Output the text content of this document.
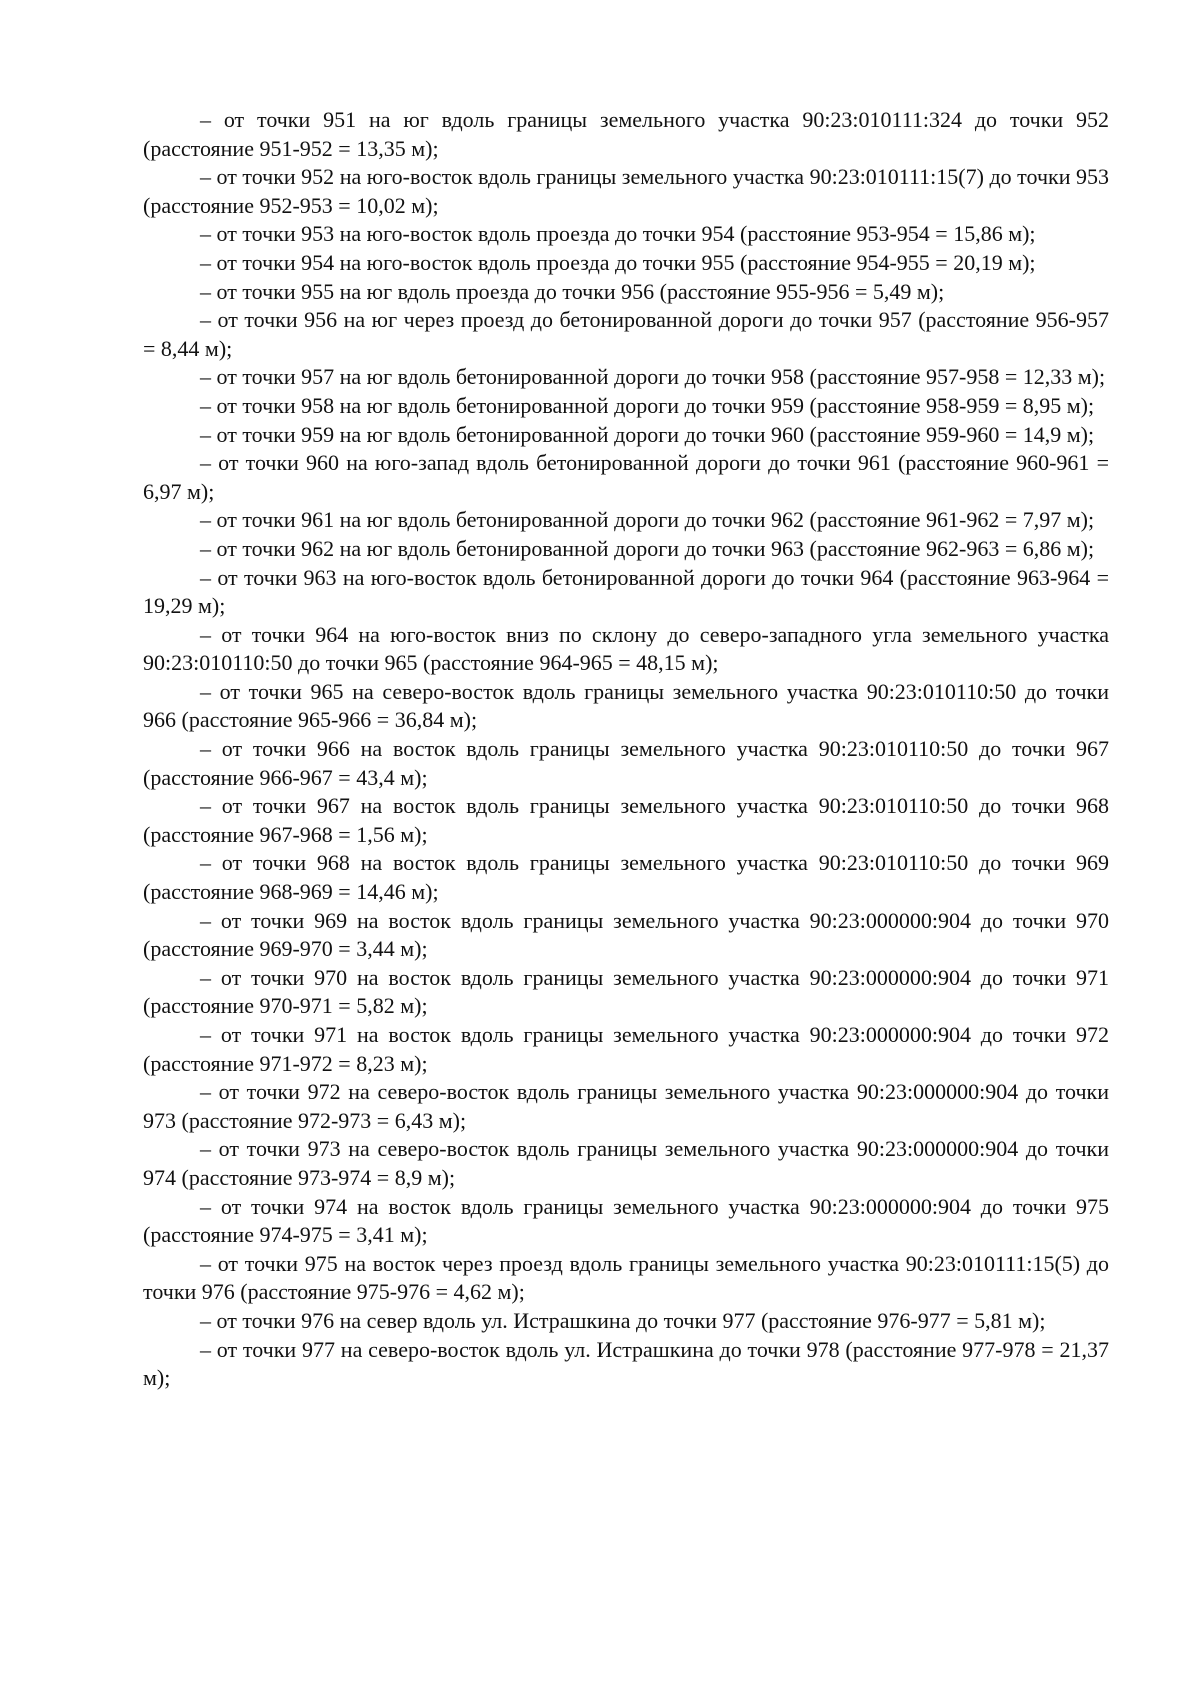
– от точки 951 на юг вдоль границы земельного участка 90:23:010111:324 до точки 952 (расстояние 951-952 = 13,35 м);

– от точки 952 на юго-восток вдоль границы земельного участка 90:23:010111:15(7) до точки 953 (расстояние 952-953 = 10,02 м);

– от точки 953 на юго-восток вдоль проезда до точки 954 (расстояние 953-954 = 15,86 м);

– от точки 954 на юго-восток вдоль проезда до точки 955 (расстояние 954-955 = 20,19 м);

– от точки 955 на юг вдоль проезда до точки 956 (расстояние 955-956 = 5,49 м);

– от точки 956 на юг через проезд до бетонированной дороги до точки 957 (расстояние 956-957 = 8,44 м);

– от точки 957 на юг вдоль бетонированной дороги до точки 958 (расстояние 957-958 = 12,33 м);

– от точки 958 на юг вдоль бетонированной дороги до точки 959 (расстояние 958-959 = 8,95 м);

– от точки 959 на юг вдоль бетонированной дороги до точки 960 (расстояние 959-960 = 14,9 м);

– от точки 960 на юго-запад вдоль бетонированной дороги до точки 961 (расстояние 960-961 = 6,97 м);

– от точки 961 на юг вдоль бетонированной дороги до точки 962 (расстояние 961-962 = 7,97 м);

– от точки 962 на юг вдоль бетонированной дороги до точки 963 (расстояние 962-963 = 6,86 м);

– от точки 963 на юго-восток вдоль бетонированной дороги до точки 964 (расстояние 963-964 = 19,29 м);

– от точки 964 на юго-восток вниз по склону до северо-западного угла земельного участка 90:23:010110:50 до точки 965 (расстояние 964-965 = 48,15 м);

– от точки 965 на северо-восток вдоль границы земельного участка 90:23:010110:50 до точки 966 (расстояние 965-966 = 36,84 м);

– от точки 966 на восток вдоль границы земельного участка 90:23:010110:50 до точки 967 (расстояние 966-967 = 43,4 м);

– от точки 967 на восток вдоль границы земельного участка 90:23:010110:50 до точки 968 (расстояние 967-968 = 1,56 м);

– от точки 968 на восток вдоль границы земельного участка 90:23:010110:50 до точки 969 (расстояние 968-969 = 14,46 м);

– от точки 969 на восток вдоль границы земельного участка 90:23:000000:904 до точки 970 (расстояние 969-970 = 3,44 м);

– от точки 970 на восток вдоль границы земельного участка 90:23:000000:904 до точки 971 (расстояние 970-971 = 5,82 м);

– от точки 971 на восток вдоль границы земельного участка 90:23:000000:904 до точки 972 (расстояние 971-972 = 8,23 м);

– от точки 972 на северо-восток вдоль границы земельного участка 90:23:000000:904 до точки 973 (расстояние 972-973 = 6,43 м);

– от точки 973 на северо-восток вдоль границы земельного участка 90:23:000000:904 до точки 974 (расстояние 973-974 = 8,9 м);

– от точки 974 на восток вдоль границы земельного участка 90:23:000000:904 до точки 975 (расстояние 974-975 = 3,41 м);

– от точки 975 на восток через проезд вдоль границы земельного участка 90:23:010111:15(5) до точки 976 (расстояние 975-976 = 4,62 м);

– от точки 976 на север вдоль ул. Истрашкина до точки 977 (расстояние 976-977 = 5,81 м);

– от точки 977 на северо-восток вдоль ул. Истрашкина до точки 978 (расстояние 977-978 = 21,37 м);
